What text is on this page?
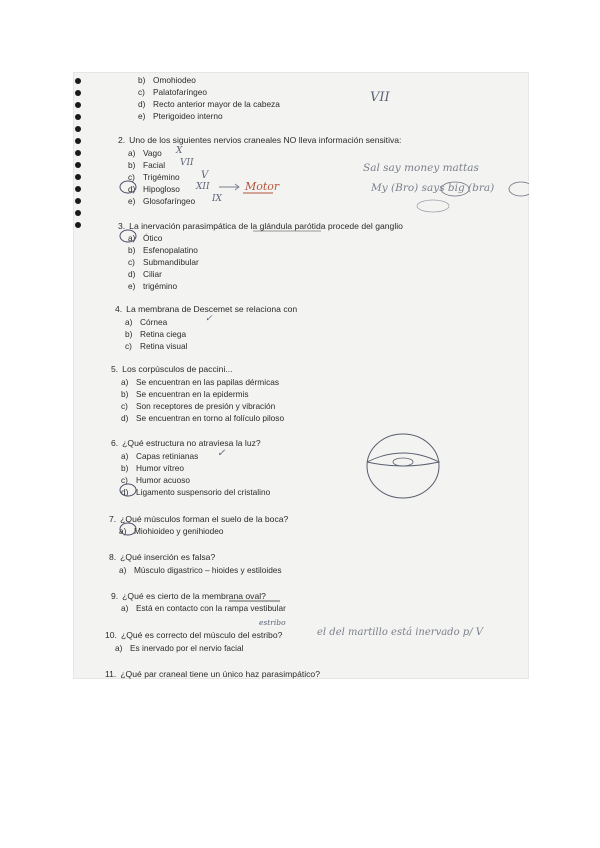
b) Omohiodeo
c) Palatofaríngeo
d) Recto anterior mayor de la cabeza
e) Pterigoideo interno
2. Uno de los siguientes nervios craneales NO lleva información sensitiva:
a) Vago
b) Facial
c) Trigémino
d) Hipogloso
e) Glosofaríngeo
3. La inervación parasimpática de la glándula parótida procede del ganglio
a) Ótico
b) Esfenopalatino
c) Submandibular
d) Ciliar
e) trigémino
4. La membrana de Descemet se relaciona con
a) Córnea
b) Retina ciega
c) Retina visual
5. Los corpúsculos de paccini...
a) Se encuentran en las papilas dérmicas
b) Se encuentran en la epidermis
c) Son receptores de presión y vibración
d) Se encuentran en torno al folículo piloso
6. ¿Qué estructura no atraviesa la luz?
a) Capas retinianas
b) Humor vítreo
c) Humor acuoso
d) Ligamento suspensorio del cristalino
7. ¿Qué músculos forman el suelo de la boca?
a) Miohioideo y genihiodeo
8. ¿Qué inserción es falsa?
a) Músculo digastrico – hioides y estiloides
9. ¿Qué es cierto de la membrana oval?
a) Está en contacto con la rampa vestibular
10. ¿Qué es correcto del músculo del estribo?
a) Es inervado por el nervio facial
11. ¿Qué par craneal tiene un único haz parasimpático?
VII
X
VII
V
XII	Motor
IX
Sal say money mattas
My (Bro) says big (bra)
✓
✓
estribo
el del martillo está inervado p/ V
